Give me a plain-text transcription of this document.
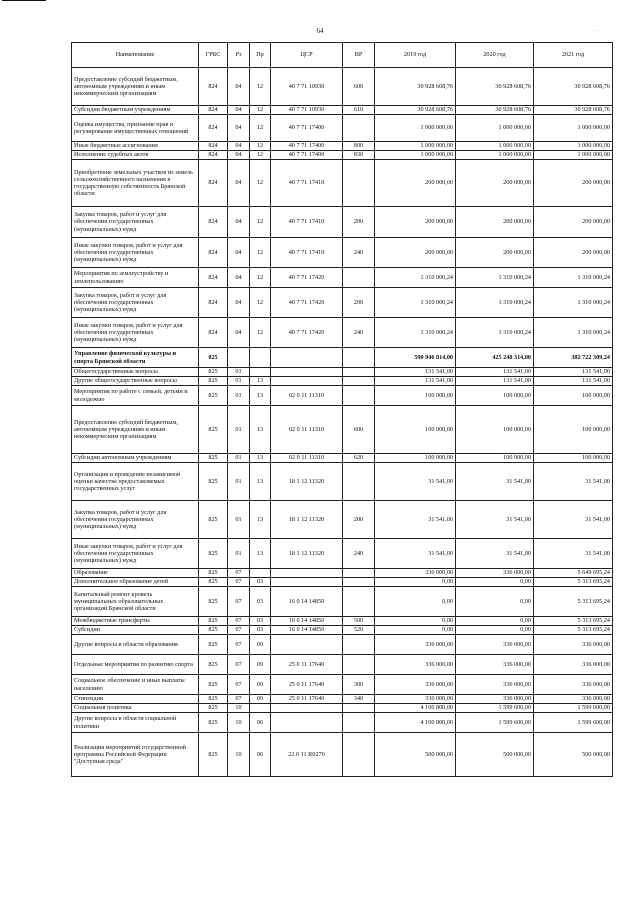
64	· ·
Наименование	ГРБС	Рз	Пр	ЦСР	ВР	2019 год	2020 год	2021 год
Предоставление субсидий бюджетным, автономным учреждениям и иным некоммерческим организациям	824	04	12	40 7 71 10930	600	30 928 608,76	30 928 608,76	30 928 608,76
Субсидии бюджетным учреждениям	824	04	12	40 7 71 10930	610	30 928 608,76	30 928 608,76	30 928 608,76
Оценка имущества, признание прав и регулирование имущественных отношений	824	04	12	40 7 71 17400		1 000 000,00	1 000 000,00	1 000 000,00
Иные бюджетные ассигнования	824	04	12	40 7 71 17400	800	1 000 000,00	1 000 000,00	1 000 000,00
Исполнение судебных актов	824	04	12	40 7 71 17400	830	1 000 000,00	1 000 000,00	1 000 000,00
Приобретение земельных участков из земель сельскохозяйственного назначения в государственную собственность Брянской области	824	04	12	40 7 71 17410		200 000,00	200 000,00	200 000,00
Закупка товаров, работ и услуг для обеспечения государственных (муниципальных) нужд	824	04	12	40 7 71 17410	200	200 000,00	200 000,00	200 000,00
Иные закупки товаров, работ и услуг для обеспечения государственных (муниципальных) нужд	824	04	12	40 7 71 17410	240	200 000,00	200 000,00	200 000,00
Мероприятия по землеустройству и землепользованию	824	04	12	40 7 71 17420		1 310 000,24	1 310 000,24	1 310 000,24
Закупка товаров, работ и услуг для обеспечения государственных (муниципальных) нужд	824	04	12	40 7 71 17420	200	1 310 000,24	1 310 000,24	1 310 000,24
Иные закупки товаров, работ и услуг для обеспечения государственных (муниципальных) нужд	824	04	12	40 7 71 17420	240	1 310 000,24	1 310 000,24	1 310 000,24
Управление физической культуры и спорта Брянской области	825					590 946 814,00	425 248 314,00	382 722 309,24
Общегосударственные вопросы	825	01				131 541,00	131 541,00	131 541,00
Другие общегосударственные вопросы	825	01	13			131 541,00	131 541,00	131 541,00
Мероприятия по работе с семьей, детьми и молодежью	825	01	13	02 0 11 11310		100 000,00	100 000,00	100 000,00
Предоставление субсидий бюджетным, автономным учреждениям и иным некоммерческим организациям	825	01	13	02 0 11 11310	600	100 000,00	100 000,00	100 000,00
Субсидии автономным учреждениям	825	01	13	02 0 11 11310	620	100 000,00	100 000,00	100 000,00
Организация и проведение независимой оценки качества предоставляемых государственных услуг	825	01	13	18 1 12 11320		31 541,00	31 541,00	31 541,00
Закупка товаров, работ и услуг для обеспечения государственных (муниципальных) нужд	825	01	13	18 1 12 11320	200	31 541,00	31 541,00	31 541,00
Иные закупки товаров, работ и услуг для обеспечения государственных (муниципальных) нужд	825	01	13	18 1 12 11320	240	31 541,00	31 541,00	31 541,00
Образование	825	07				336 000,00	336 000,00	5 649 695,24
Дополнительное образование детей	825	07	03			0,00	0,00	5 313 695,24
Капитальный ремонт кровель муниципальных образовательных организаций Брянской области	825	07	03	16 0 14 14850		0,00	0,00	5 313 695,24
Межбюджетные трансферты	825	07	03	16 0 14 14850	500	0,00	0,00	5 313 695,24
Субсидии	825	07	03	16 0 14 14850	520	0,00	0,00	5 313 695,24
Другие вопросы в области образования	825	07	09			336 000,00	336 000,00	336 000,00
Отдельные мероприятия по развитию спорта	825	07	09	25 0 11 17640		336 000,00	336 000,00	336 000,00
Социальное обеспечение и иные выплаты населению	825	07	09	25 0 11 17640	300	336 000,00	336 000,00	336 000,00
Стипендии	825	07	09	25 0 11 17640	340	336 000,00	336 000,00	336 000,00
Социальная политика	825	10				4 100 800,00	1 599 600,00	1 599 600,00
Другие вопросы в области социальной политики	825	10	06			4 100 800,00	1 599 600,00	1 599 600,00
Реализация мероприятий государственной программы Российской Федерации "Доступная среда"	825	10	06	22 0 11 R0270		500 000,00	500 000,00	500 000,00
